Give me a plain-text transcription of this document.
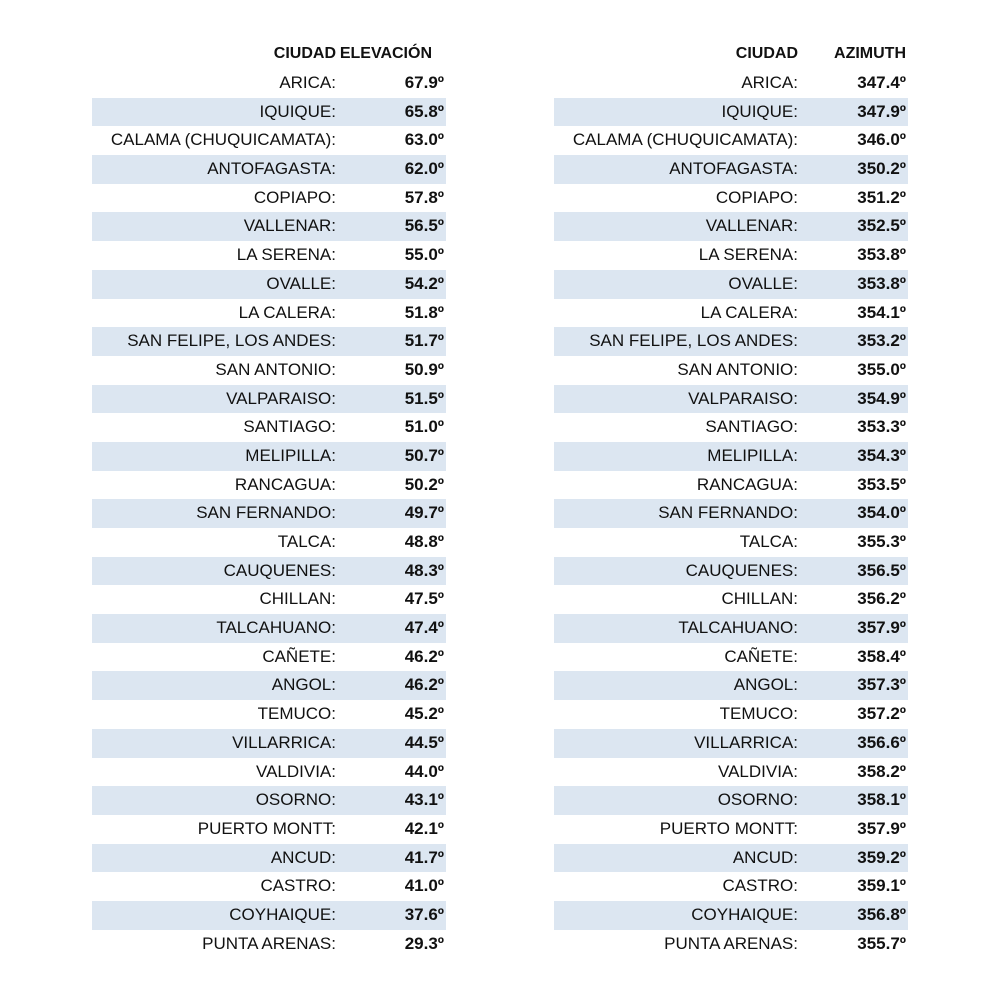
CIUDAD ELEVACIÓN
ARICA:	67.9º
IQUIQUE:	65.8º
CALAMA (CHUQUICAMATA):	63.0º
ANTOFAGASTA:	62.0º
COPIAPO:	57.8º
VALLENAR:	56.5º
LA SERENA:	55.0º
OVALLE:	54.2º
LA CALERA:	51.8º
SAN FELIPE, LOS ANDES:	51.7º
SAN ANTONIO:	50.9º
VALPARAISO:	51.5º
SANTIAGO:	51.0º
MELIPILLA:	50.7º
RANCAGUA:	50.2º
SAN FERNANDO:	49.7º
TALCA:	48.8º
CAUQUENES:	48.3º
CHILLAN:	47.5º
TALCAHUANO:	47.4º
CAÑETE:	46.2º
ANGOL:	46.2º
TEMUCO:	45.2º
VILLARRICA:	44.5º
VALDIVIA:	44.0º
OSORNO:	43.1º
PUERTO MONTT:	42.1º
ANCUD:	41.7º
CASTRO:	41.0º
COYHAIQUE:	37.6º
PUNTA ARENAS:	29.3º
CIUDAD AZIMUTH
ARICA:	347.4º
IQUIQUE:	347.9º
CALAMA (CHUQUICAMATA):	346.0º
ANTOFAGASTA:	350.2º
COPIAPO:	351.2º
VALLENAR:	352.5º
LA SERENA:	353.8º
OVALLE:	353.8º
LA CALERA:	354.1º
SAN FELIPE, LOS ANDES:	353.2º
SAN ANTONIO:	355.0º
VALPARAISO:	354.9º
SANTIAGO:	353.3º
MELIPILLA:	354.3º
RANCAGUA:	353.5º
SAN FERNANDO:	354.0º
TALCA:	355.3º
CAUQUENES:	356.5º
CHILLAN:	356.2º
TALCAHUANO:	357.9º
CAÑETE:	358.4º
ANGOL:	357.3º
TEMUCO:	357.2º
VILLARRICA:	356.6º
VALDIVIA:	358.2º
OSORNO:	358.1º
PUERTO MONTT:	357.9º
ANCUD:	359.2º
CASTRO:	359.1º
COYHAIQUE:	356.8º
PUNTA ARENAS:	355.7º
